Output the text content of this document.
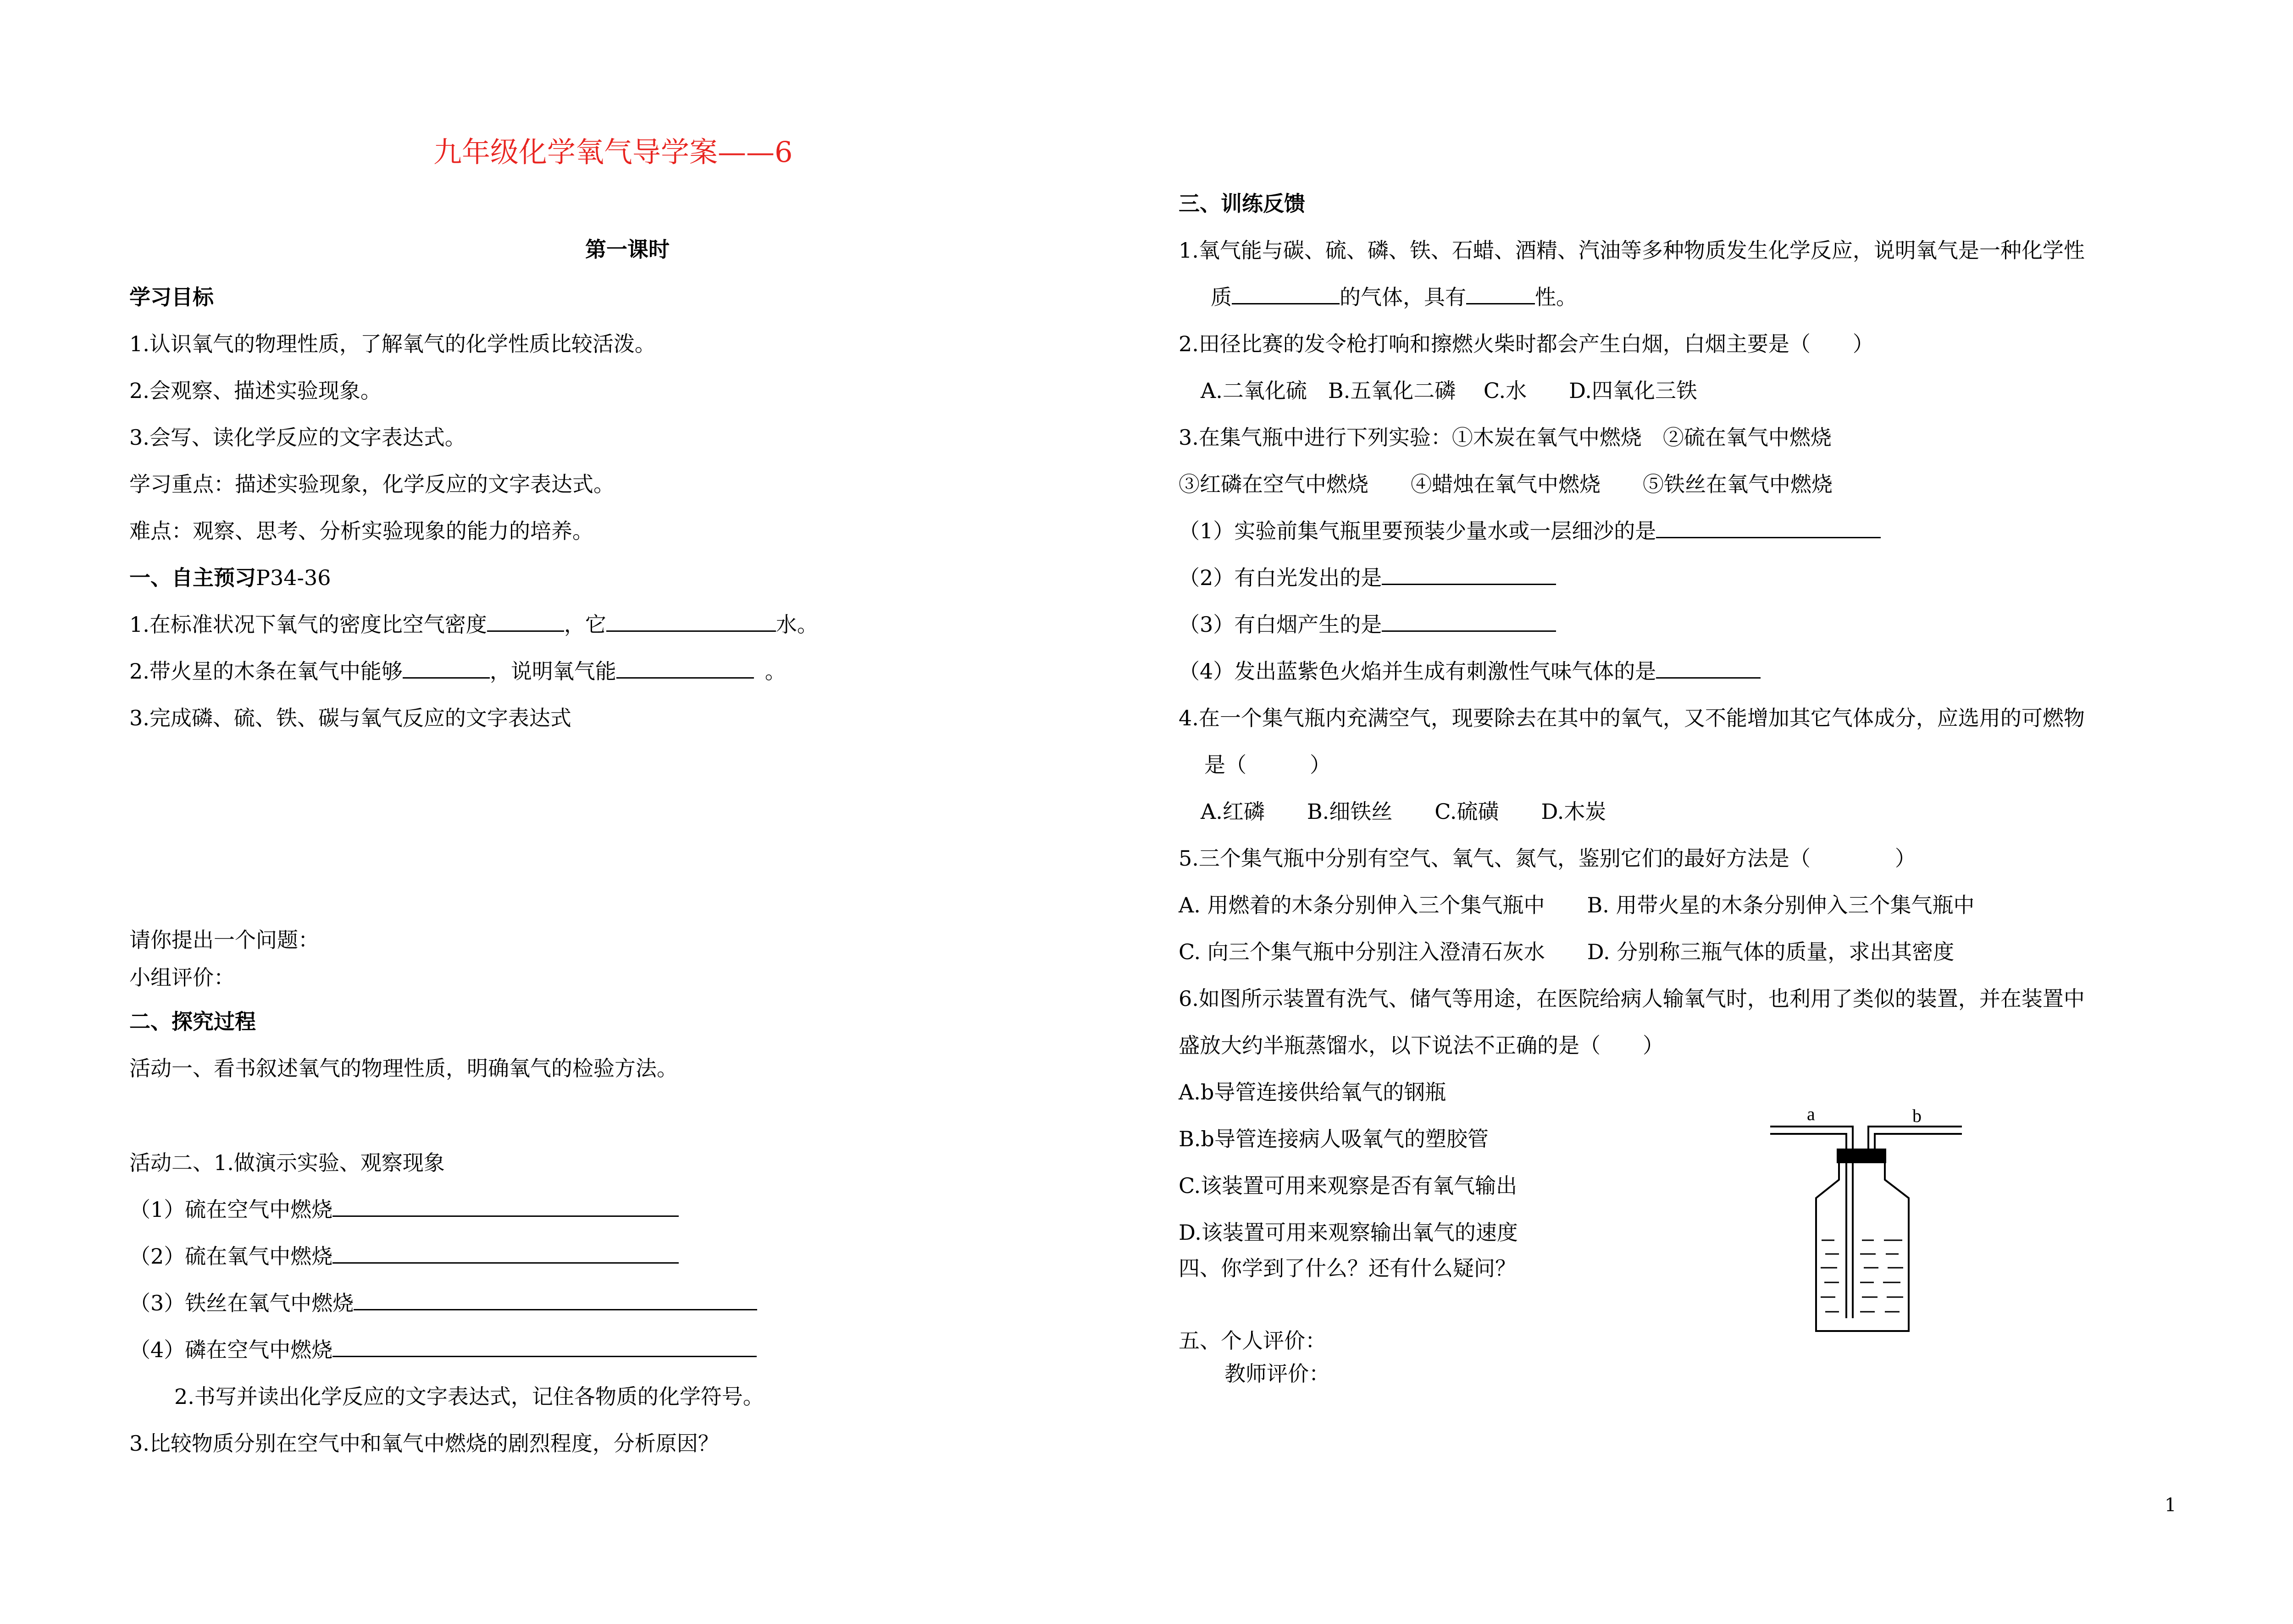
九年级化学氧气导学案——6
第一课时
学习目标
1.认识氧气的物理性质，了解氧气的化学性质比较活泼。
2.会观察、描述实验现象。
3.会写、读化学反应的文字表达式。
学习重点：描述实验现象，化学反应的文字表达式。
难点：观察、思考、分析实验现象的能力的培养。
一、自主预习P34-36
1.在标准状况下氧气的密度比空气密度	，它	水。
2.带火星的木条在氧气中能够	，说明氧气能	。
3.完成磷、硫、铁、碳与氧气反应的文字表达式
请你提出一个问题：
小组评价：
二、探究过程
活动一、看书叙述氧气的物理性质，明确氧气的检验方法。
活动二、1.做演示实验、观察现象
（1）硫在空气中燃烧
（2）硫在氧气中燃烧
（3）铁丝在氧气中燃烧
（4）磷在空气中燃烧
2.书写并读出化学反应的文字表达式，记住各物质的化学符号。
3.比较物质分别在空气中和氧气中燃烧的剧烈程度，分析原因？
三、训练反馈
1.氧气能与碳、硫、磷、铁、石蜡、酒精、汽油等多种物质发生化学反应，说明氧气是一种化学性
质	的气体，具有	性。
2.田径比赛的发令枪打响和擦燃火柴时都会产生白烟，白烟主要是（　　）
A.二氧化硫　B.五氧化二磷　 C.水　　D.四氧化三铁
3.在集气瓶中进行下列实验：①木炭在氧气中燃烧　②硫在氧气中燃烧
③红磷在空气中燃烧　　④蜡烛在氧气中燃烧　　⑤铁丝在氧气中燃烧
（1）实验前集气瓶里要预装少量水或一层细沙的是
（2）有白光发出的是
（3）有白烟产生的是
（4）发出蓝紫色火焰并生成有刺激性气味气体的是
4.在一个集气瓶内充满空气，现要除去在其中的氧气，又不能增加其它气体成分，应选用的可燃物
是（　　　）
A.红磷　　B.细铁丝　　C.硫磺　　D.木炭
5.三个集气瓶中分别有空气、氧气、氮气，鉴别它们的最好方法是（　　　　）
A. 用燃着的木条分别伸入三个集气瓶中　　B. 用带火星的木条分别伸入三个集气瓶中
C. 向三个集气瓶中分别注入澄清石灰水　　D. 分别称三瓶气体的质量，求出其密度
6.如图所示装置有洗气、储气等用途，在医院给病人输氧气时，也利用了类似的装置，并在装置中
盛放大约半瓶蒸馏水，以下说法不正确的是（　　）
A.b导管连接供给氧气的钢瓶
B.b导管连接病人吸氧气的塑胶管
C.该装置可用来观察是否有氧气输出
D.该装置可用来观察输出氧气的速度
四、你学到了什么？还有什么疑问？
五、个人评价：
教师评价：
a	b
1
